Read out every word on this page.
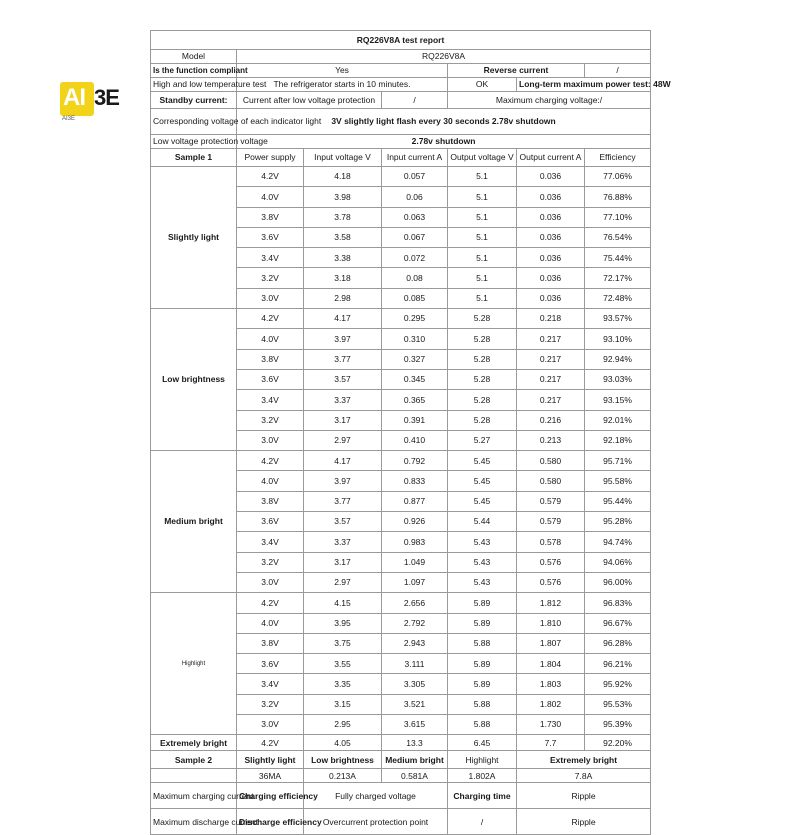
AI 3E
AI3E
RQ226V8A test report						
Model	RQ226V8A					
Is the function compliant	Yes			Reverse current		/
High and low temperature test	The refrigerator starts in 10 minutes.			OK	Long-term maximum power test: 48W	
Standby current:	Current after low voltage protection		/	Maximum charging voltage:/		
Corresponding voltage of each indicator light	3V slightly light flash every 30 seconds 2.78v shutdown					
Low voltage protection voltage	2.78v shutdown					
Sample 1	Power supply	Input voltage V	Input current A	Output voltage V	Output current A	Efficiency
Slightly light	4.2V	4.18	0.057	5.1	0.036	77.06%
	4.0V	3.98	0.06	5.1	0.036	76.88%
	3.8V	3.78	0.063	5.1	0.036	77.10%
	3.6V	3.58	0.067	5.1	0.036	76.54%
	3.4V	3.38	0.072	5.1	0.036	75.44%
	3.2V	3.18	0.08	5.1	0.036	72.17%
	3.0V	2.98	0.085	5.1	0.036	72.48%
Low brightness	4.2V	4.17	0.295	5.28	0.218	93.57%
	4.0V	3.97	0.310	5.28	0.217	93.10%
	3.8V	3.77	0.327	5.28	0.217	92.94%
	3.6V	3.57	0.345	5.28	0.217	93.03%
	3.4V	3.37	0.365	5.28	0.217	93.15%
	3.2V	3.17	0.391	5.28	0.216	92.01%
	3.0V	2.97	0.410	5.27	0.213	92.18%
Medium bright	4.2V	4.17	0.792	5.45	0.580	95.71%
	4.0V	3.97	0.833	5.45	0.580	95.58%
	3.8V	3.77	0.877	5.45	0.579	95.44%
	3.6V	3.57	0.926	5.44	0.579	95.28%
	3.4V	3.37	0.983	5.43	0.578	94.74%
	3.2V	3.17	1.049	5.43	0.576	94.06%
	3.0V	2.97	1.097	5.43	0.576	96.00%
Highlight	4.2V	4.15	2.656	5.89	1.812	96.83%
	4.0V	3.95	2.792	5.89	1.810	96.67%
	3.8V	3.75	2.943	5.88	1.807	96.28%
	3.6V	3.55	3.111	5.89	1.804	96.21%
	3.4V	3.35	3.305	5.89	1.803	95.92%
	3.2V	3.15	3.521	5.88	1.802	95.53%
	3.0V	2.95	3.615	5.88	1.730	95.39%
Extremely bright	4.2V	4.05	13.3	6.45	7.7	92.20%
Sample 2	Slightly light	Low brightness	Medium bright	Highlight	Extremely bright	
	36MA	0.213A	0.581A	1.802A	7.8A	
Maximum charging current	Charging efficiency	Fully charged voltage		Charging time	Ripple	
Maximum discharge current	Discharge efficiency	Overcurrent protection point		/	Ripple	
